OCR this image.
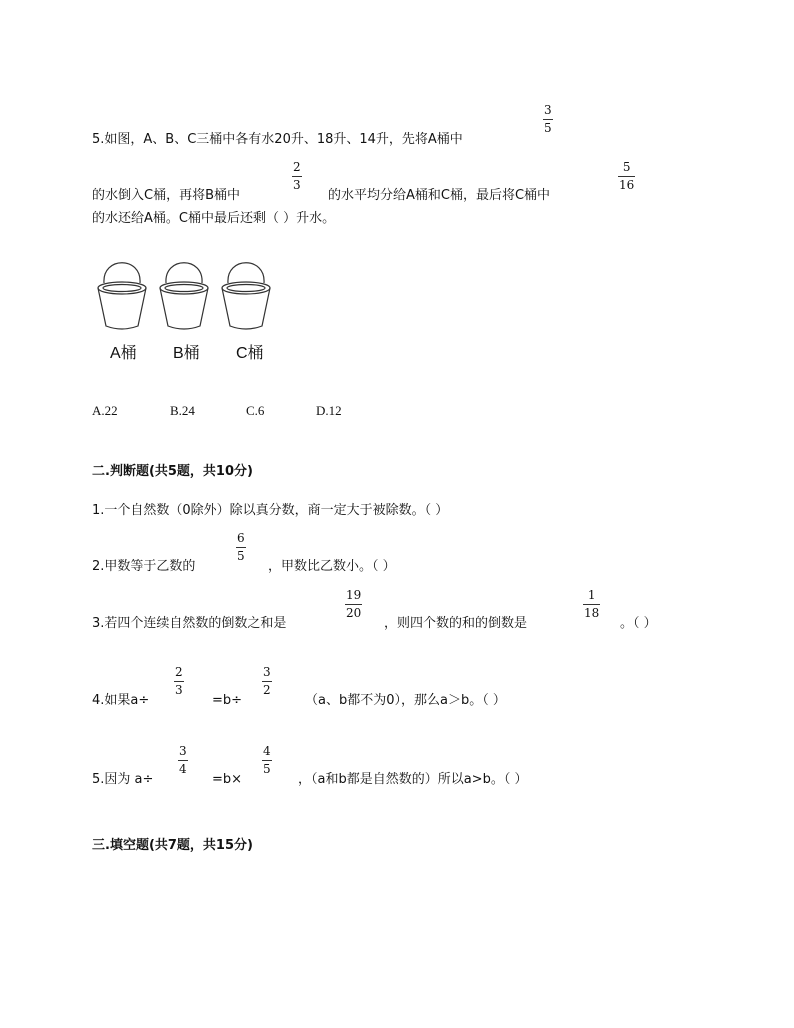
3
5
5.如图，A、B、C三桶中各有水20升、18升、14升，先将A桶中
2
3
5
16
的水倒入C桶，再将B桶中	的水平均分给A桶和C桶，最后将C桶中
的水还给A桶。C桶中最后还剩（ ）升水。
A桶 B桶 C桶
A.22	B.24	C.6	D.12
二.判断题(共5题，共10分)
1.一个自然数（0除外）除以真分数，商一定大于被除数。（ ）
2.甲数等于乙数的
6
5
，甲数比乙数小。（ ）
3.若四个连续自然数的倒数之和是
19
20
，则四个数的和的倒数是
1
18
。（ ）
4.如果a÷
2
3
=b÷
3
2
（a、b都不为0），那么a＞b。（ ）
5.因为 a÷
3
4
=b×
4
5
，（a和b都是自然数的）所以a>b。（ ）
三.填空题(共7题，共15分)
